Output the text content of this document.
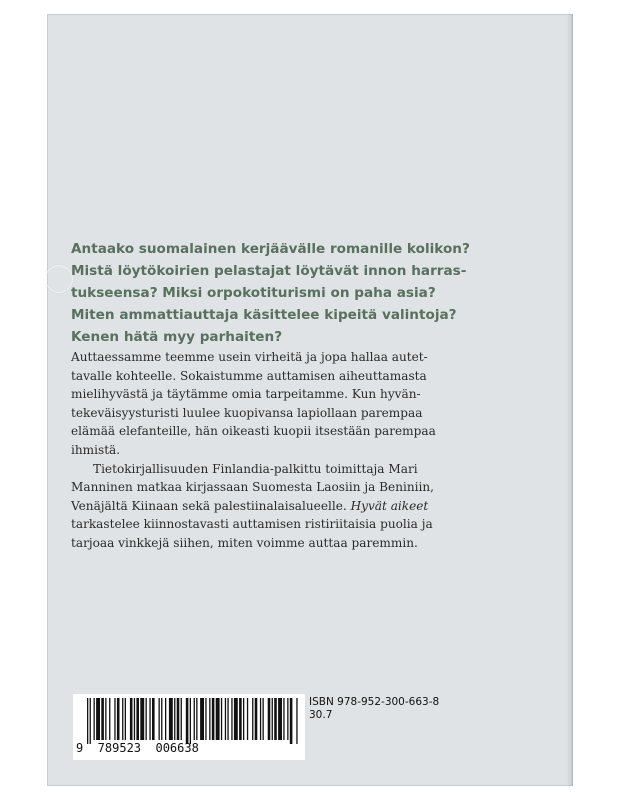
Antaako suomalainen kerjäävälle romanille kolikon?
Mistä löytökoirien pelastajat löytävät innon harras-
tukseensa? Miksi orpokotiturismi on paha asia?
Miten ammattiauttaja käsittelee kipeitä valintoja?
Kenen hätä myy parhaiten?
Auttaessamme teemme usein virheitä ja jopa hallaa autet-
tavalle kohteelle. Sokaistumme auttamisen aiheuttamasta
mielihyvästä ja täytämme omia tarpeitamme. Kun hyvän-
tekeväisyysturisti luulee kuopivansa lapiollaan parempaa
elämää elefanteille, hän oikeasti kuopii itsestään parempaa
ihmistä.
Tietokirjallisuuden Finlandia-palkittu toimittaja Mari
Manninen matkaa kirjassaan Suomesta Laosiin ja Beniniin,
Venäjältä Kiinaan sekä palestiinalaisalueelle. Hyvät aikeet
tarkastelee kiinnostavasti auttamisen ristiriitaisia puolia ja
tarjoaa vinkkejä siihen, miten voimme auttaa paremmin.
9  789523  006638
ISBN 978-952-300-663-8
30.7
